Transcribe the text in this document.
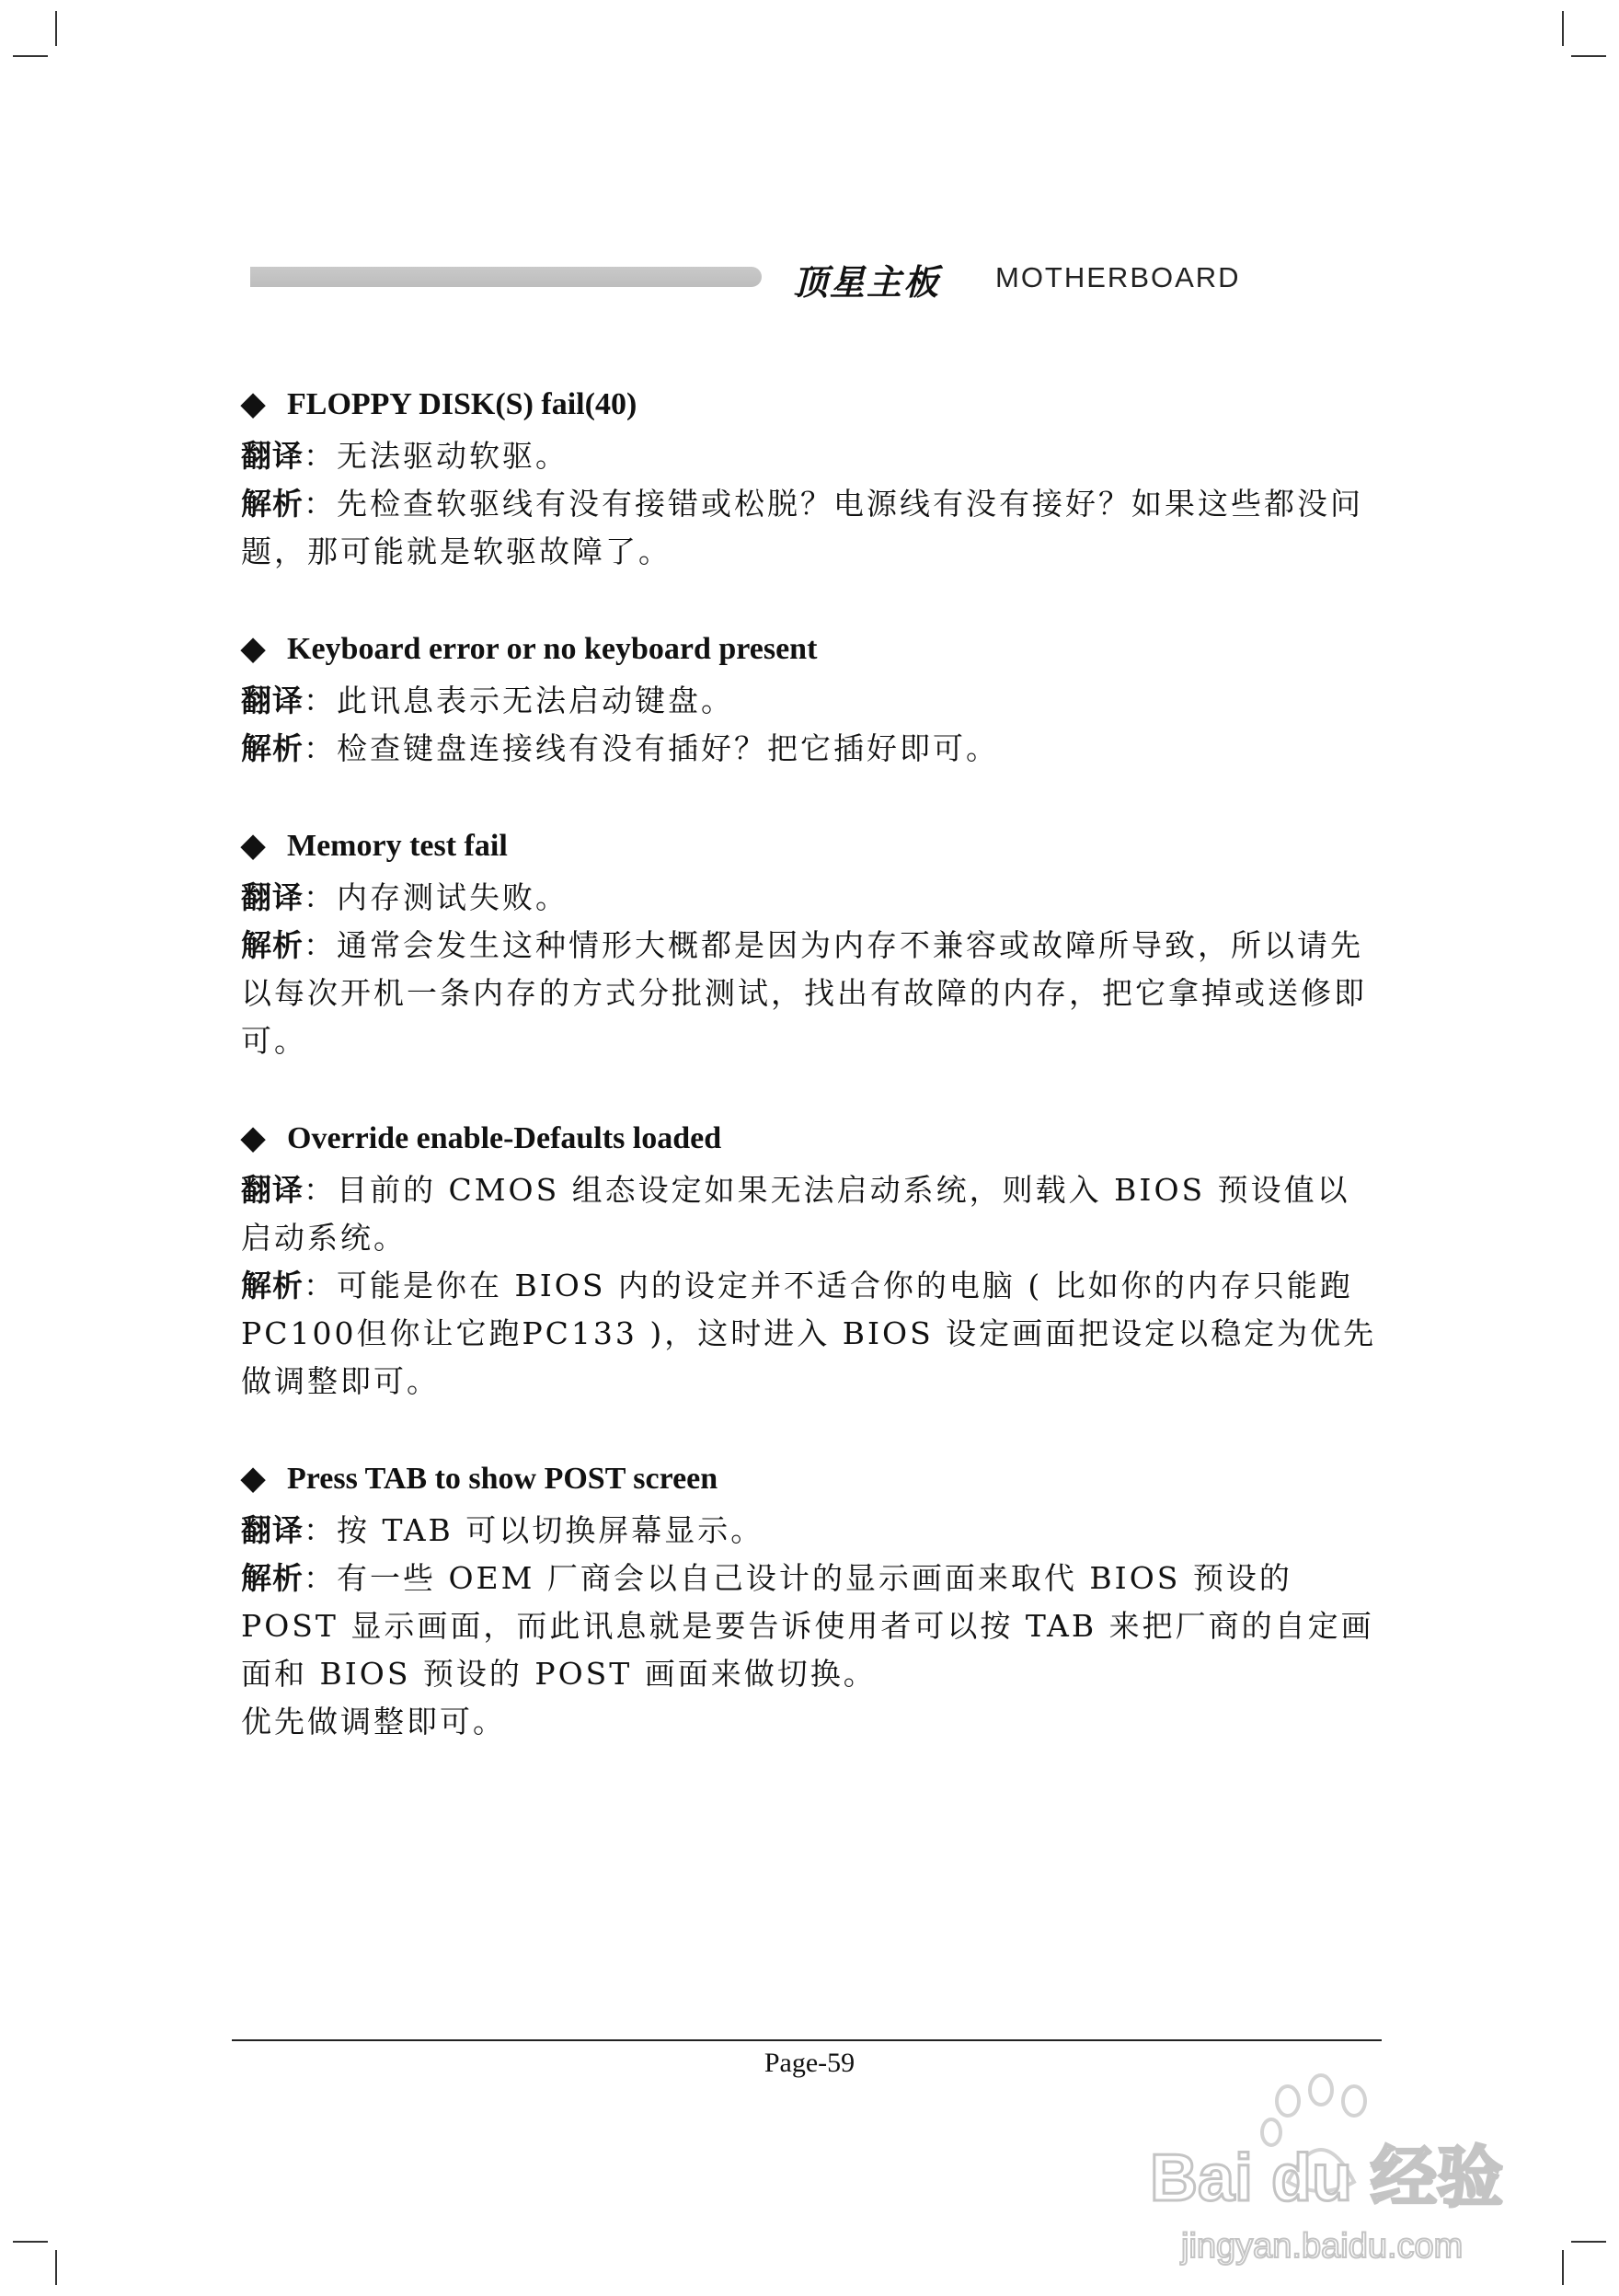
顶星主板 MOTHERBOARD
◆ FLOPPY DISK(S) fail(40)

翻译：无法驱动软驱。

解析：先检查软驱线有没有接错或松脱？电源线有没有接好？如果这些都没问题，那可能就是软驱故障了。

◆ Keyboard error or no keyboard present

翻译：此讯息表示无法启动键盘。

解析：检查键盘连接线有没有插好？把它插好即可。

◆ Memory test fail

翻译：内存测试失败。

解析：通常会发生这种情形大概都是因为内存不兼容或故障所导致，所以请先以每次开机一条内存的方式分批测试，找出有故障的内存，把它拿掉或送修即可。

◆ Override enable-Defaults loaded

翻译：目前的 CMOS 组态设定如果无法启动系统，则载入 BIOS 预设值以启动系统。

解析：可能是你在 BIOS 内的设定并不适合你的电脑 ( 比如你的内存只能跑PC100但你让它跑PC133 )，这时进入 BIOS 设定画面把设定以稳定为优先做调整即可。

◆ Press TAB to show POST screen

翻译：按 TAB 可以切换屏幕显示。

解析：有一些 OEM 厂商会以自己设计的显示画面来取代 BIOS 预设的 POST 显示画面，而此讯息就是要告诉使用者可以按 TAB 来把厂商的自定画面和 BIOS 预设的 POST 画面来做切换。

优先做调整即可。

Page-59
Bai du 经验
jingyan.baidu.com
